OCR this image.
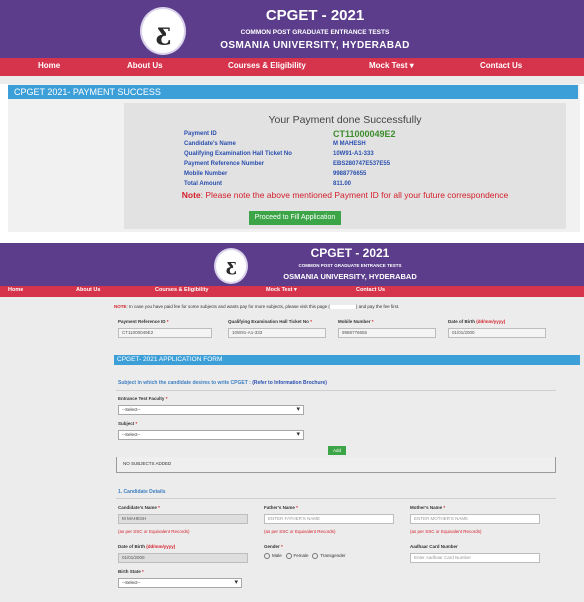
ƹ
CPGET - 2021
COMMON POST GRADUATE ENTRANCE TESTS
OSMANIA UNIVERSITY, HYDERABAD
Home	About Us	Courses & Eligibility	Mock Test ▾	Contact Us
CPGET 2021- PAYMENT SUCCESS
Your Payment done Successfully
Payment ID	CT11000049E2
Candidate's Name	M MAHESH
Qualifying Examination Hall Ticket No	10W91-A1-333
Payment Reference Number	EBS280747E537E55
Mobile Number	9988776655
Total Amount	811.00
Note: Please note the above mentioned Payment ID for all your future correspondence
Proceed to Fill Application
ƹ
CPGET - 2021
COMMON POST GRADUATE ENTRANCE TESTS
OSMANIA UNIVERSITY, HYDERABAD
Home	About Us	Courses & Eligibility	Mock Test ▾	Contact Us
NOTE: In case you have paid fee for some subjects and wants pay for more subjects, please visit this page (	) and pay the fee first.
Payment Reference ID *
CT11000049E2
Qualifying Examination Hall Ticket No *
10W91-A1-333
Mobile Number *
9988776655
Date of Birth (dd/mm/yyyy)
01/01/2000
CPGET- 2021 APPLICATION FORM
Subject in which the candidate desires to write CPGET : (Refer to Information Brochure)
Entrance Test Faculty *
--Select-- ▾
Subject *
--Select-- ▾
Add
NO SUBJECTS ADDED
1. Candidate Details
Candidate's Name *
M MAHESH
(as per SSC or Equivalent Records)
Father's Name *
ENTER FATHER'S NAME
(as per SSC or Equivalent Records)
Mother's Name *
ENTER MOTHER'S NAME
(as per SSC or Equivalent Records)
Date of Birth (dd/mm/yyyy)
01/01/2000
Gender *
Male	Female	Transgender
Aadhaar Card Number
Enter Aadhaar Card Number
Birth State *
--Select-- ▾
